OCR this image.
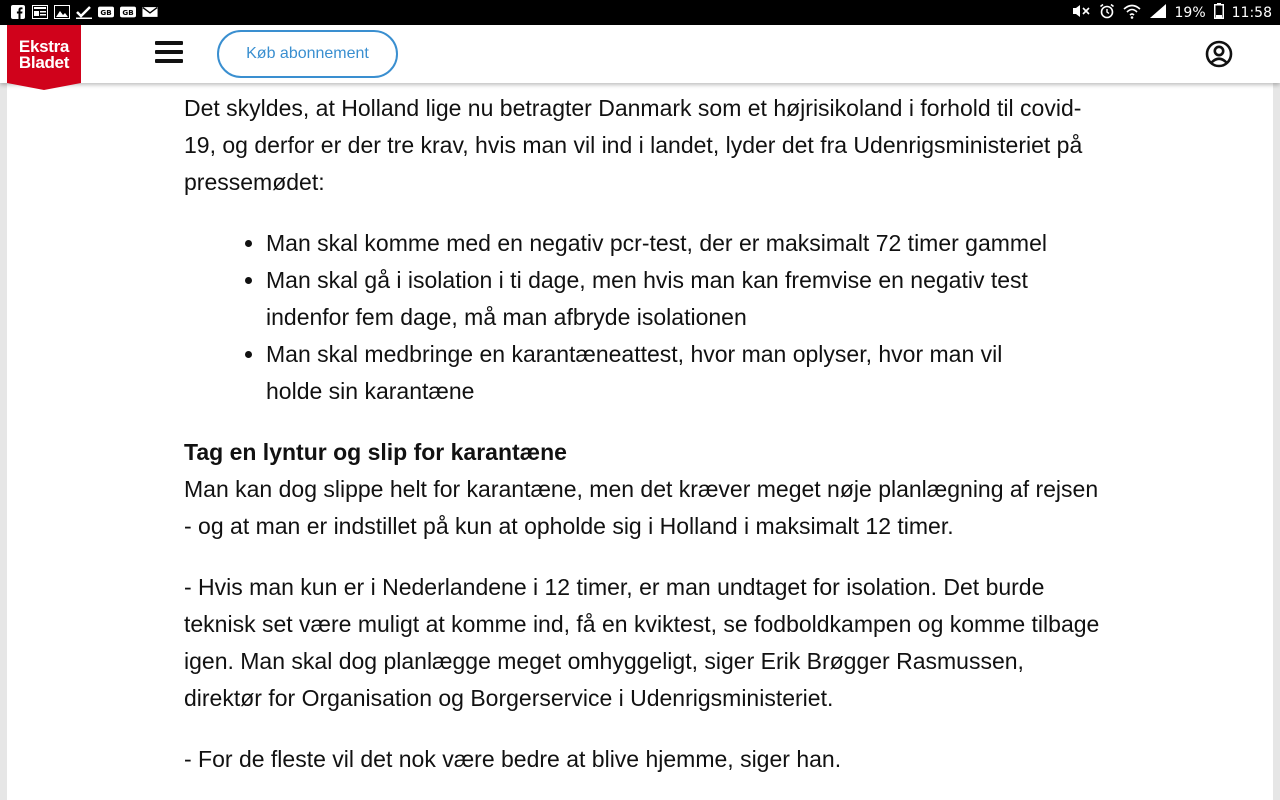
GB GB	19% 11:58
Køb abonnement
Ekstra
Bladet

Det skyldes, at Holland lige nu betragter Danmark som et højrisikoland i forhold til covid-19, og derfor er der tre krav, hvis man vil ind i landet, lyder det fra Udenrigsministeriet på pressemødet:

• Man skal komme med en negativ pcr-test, der er maksimalt 72 timer gammel
• Man skal gå i isolation i ti dage, men hvis man kan fremvise en negativ test indenfor fem dage, må man afbryde isolationen
• Man skal medbringe en karantæneattest, hvor man oplyser, hvor man vil holde sin karantæne

Tag en lyntur og slip for karantæne

Man kan dog slippe helt for karantæne, men det kræver meget nøje planlægning af rejsen - og at man er indstillet på kun at opholde sig i Holland i maksimalt 12 timer.

- Hvis man kun er i Nederlandene i 12 timer, er man undtaget for isolation. Det burde teknisk set være muligt at komme ind, få en kviktest, se fodboldkampen og komme tilbage igen. Man skal dog planlægge meget omhyggeligt, siger Erik Brøgger Rasmussen, direktør for Organisation og Borgerservice i Udenrigsministeriet.

- For de fleste vil det nok være bedre at blive hjemme, siger han.
